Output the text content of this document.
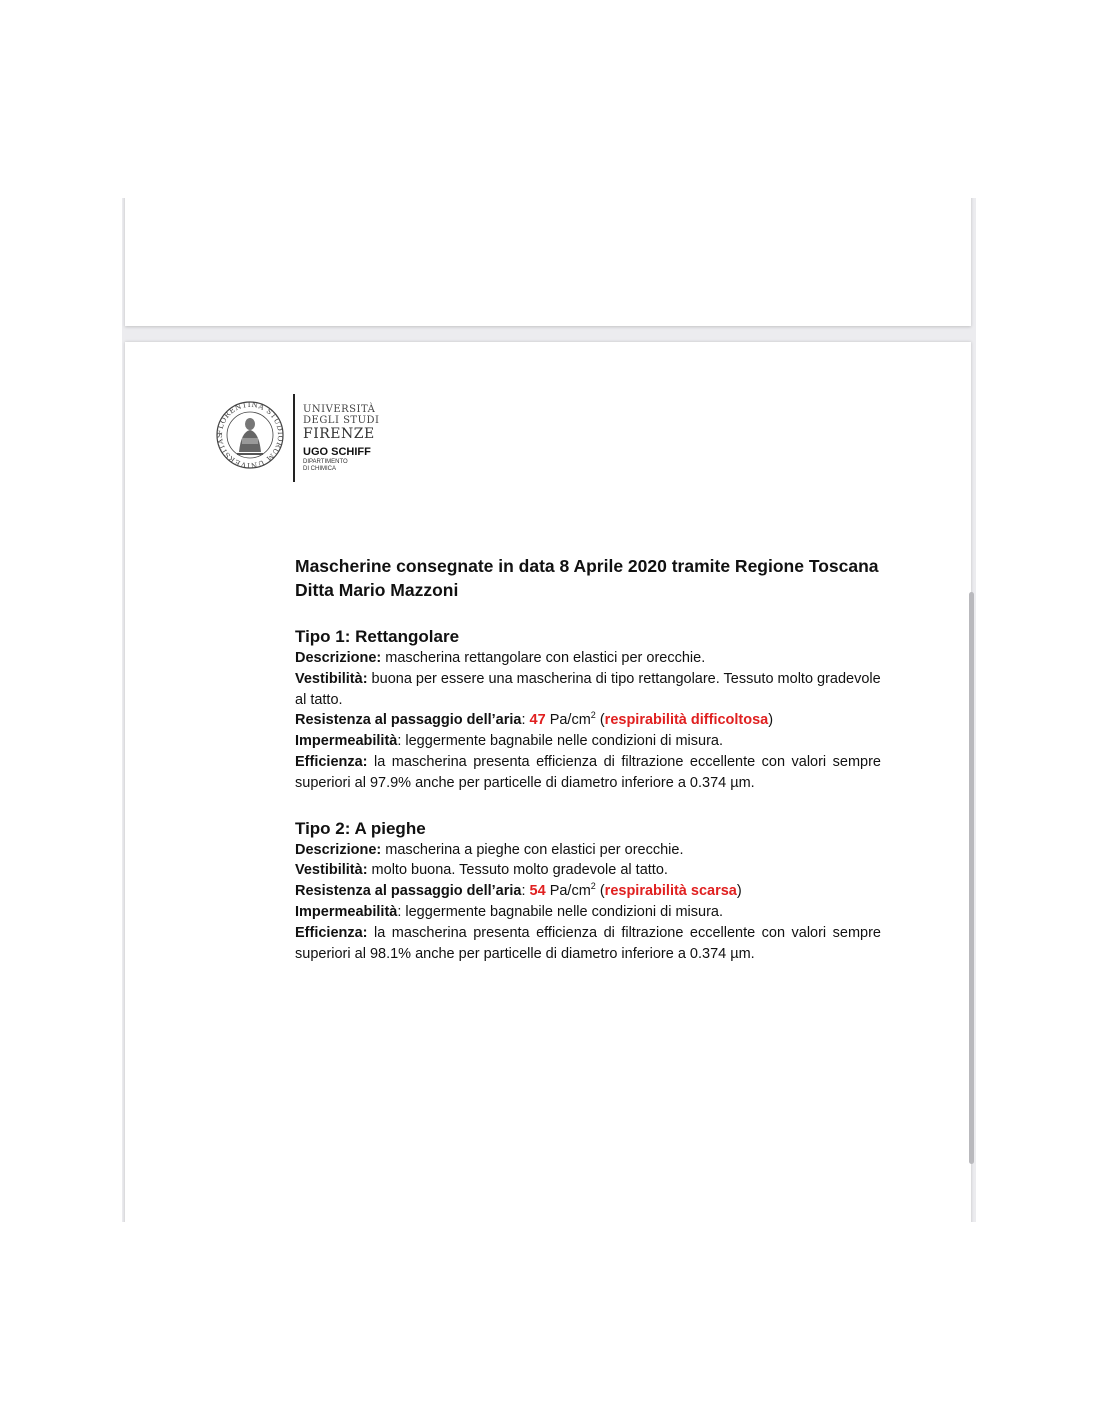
FLORENTINA STUDIORUM UNIVERSITAS
UNIVERSITÀ
DEGLI STUDI
FIRENZE
UGO SCHIFF
DIPARTIMENTO
DI CHIMICA

Mascherine consegnate in data 8 Aprile 2020 tramite Regione Toscana
Ditta Mario Mazzoni

Tipo 1: Rettangolare

Descrizione: mascherina rettangolare con elastici per orecchie.

Vestibilità: buona per essere una mascherina di tipo rettangolare. Tessuto molto gradevole al tatto.

Resistenza al passaggio dell’aria: 47 $Pa/cm^2$ (respirabilità difficoltosa)

Impermeabilità: leggermente bagnabile nelle condizioni di misura.

Efficienza: la mascherina presenta efficienza di filtrazione eccellente con valori sempre superiori al 97.9% anche per particelle di diametro inferiore a 0.374 µm.

Tipo 2: A pieghe

Descrizione: mascherina a pieghe con elastici per orecchie.

Vestibilità: molto buona. Tessuto molto gradevole al tatto.

Resistenza al passaggio dell’aria: 54 $Pa/cm^2$ (respirabilità scarsa)

Impermeabilità: leggermente bagnabile nelle condizioni di misura.

Efficienza: la mascherina presenta efficienza di filtrazione eccellente con valori sempre superiori al 98.1% anche per particelle di diametro inferiore a 0.374 µm.
